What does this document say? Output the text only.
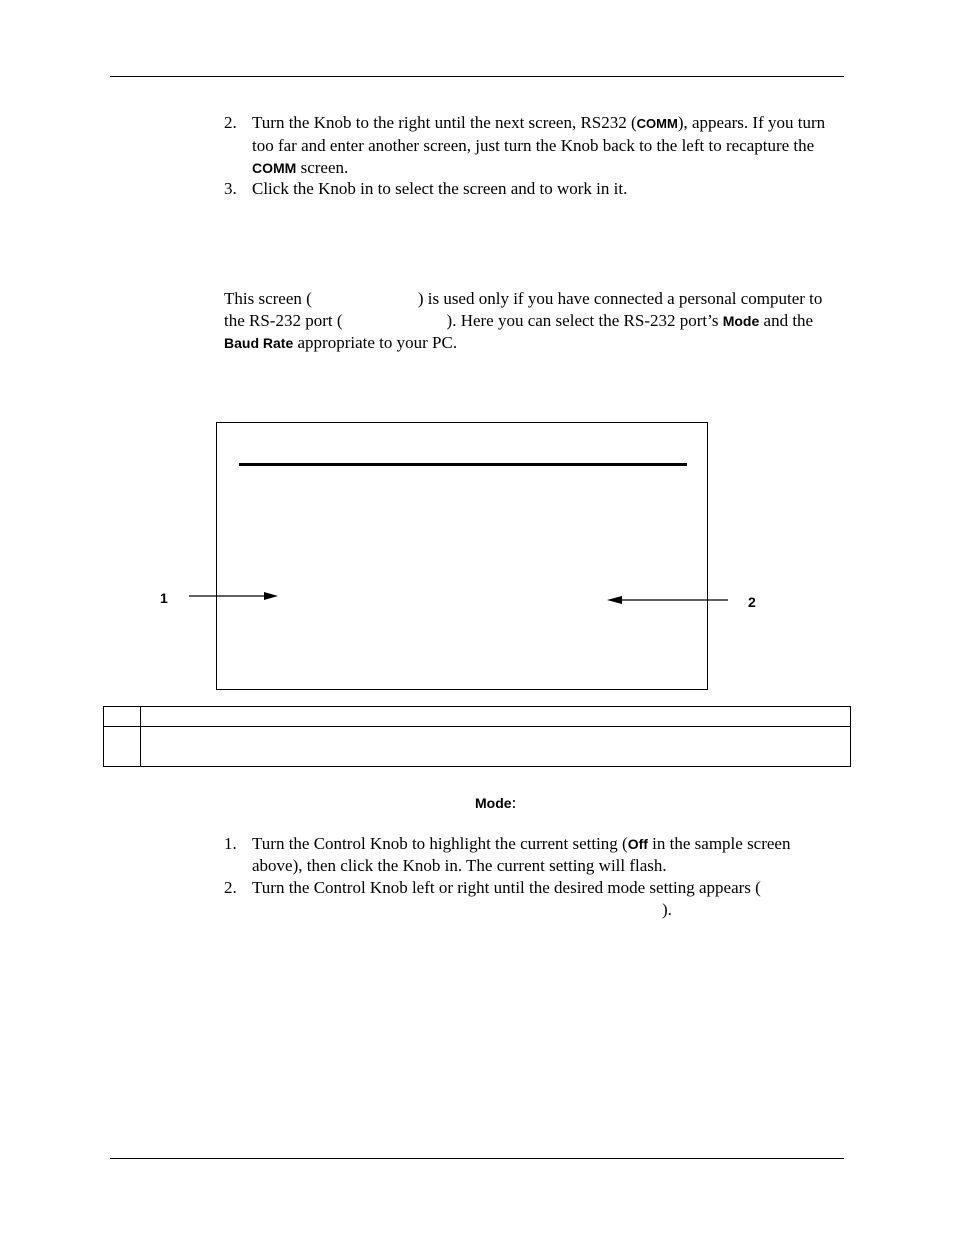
2. Turn the Knob to the right until the next screen, RS232 (COMM), appears. If you turn too far and enter another screen, just turn the Knob back to the left to recapture the COMM screen.
3. Click the Knob in to select the screen and to work in it.
This screen (	) is used only if you have connected a personal computer to the RS-232 port (	). Here you can select the RS-232 port’s Mode and the Baud Rate appropriate to your PC.
1	2

Mode:
1. Turn the Control Knob to highlight the current setting (Off in the sample screen above), then click the Knob in. The current setting will flash.
2. Turn the Control Knob left or right until the desired mode setting appears (
).
